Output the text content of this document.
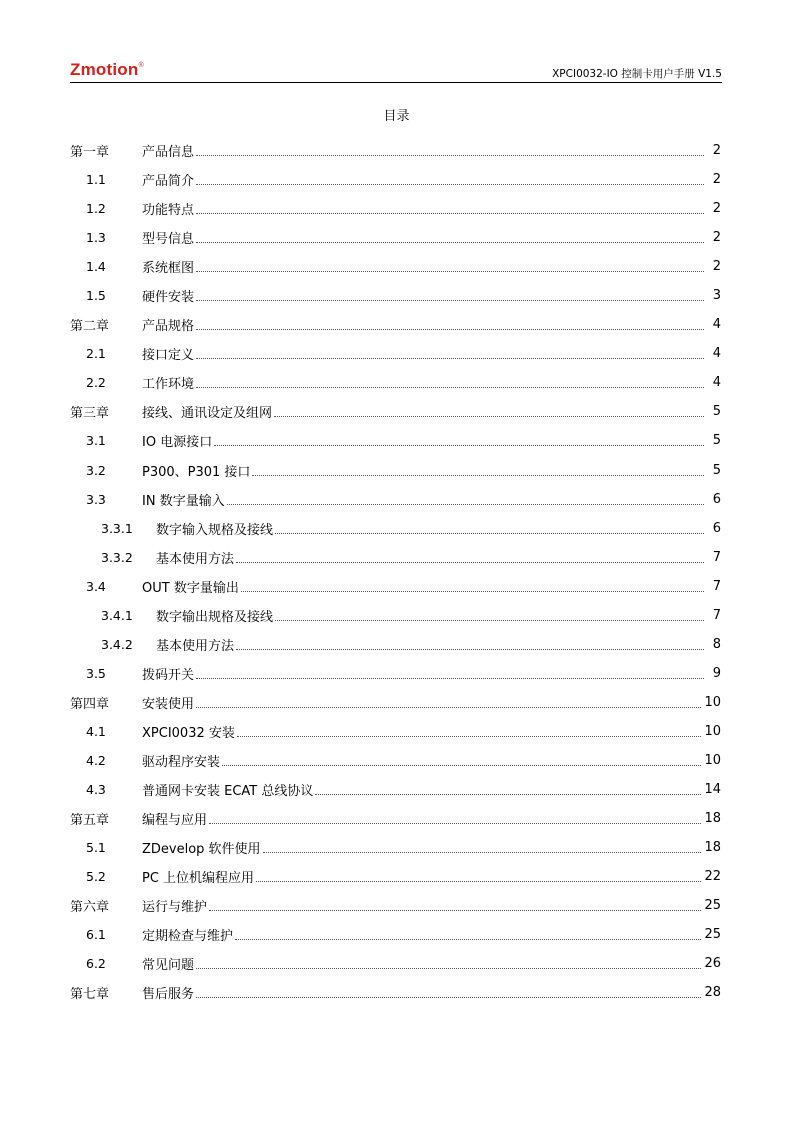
Zmotion®
XPCI0032-IO 控制卡用户手册 V1.5
目录
第一章	产品信息	2
1.1	产品简介	2
1.2	功能特点	2
1.3	型号信息	2
1.4	系统框图	2
1.5	硬件安装	3
第二章	产品规格	4
2.1	接口定义	4
2.2	工作环境	4
第三章	接线、通讯设定及组网	5
3.1	IO 电源接口	5
3.2	P300、P301 接口	5
3.3	IN 数字量输入	6
3.3.1	数字输入规格及接线	6
3.3.2	基本使用方法	7
3.4	OUT 数字量输出	7
3.4.1	数字输出规格及接线	7
3.4.2	基本使用方法	8
3.5	拨码开关	9
第四章	安装使用	10
4.1	XPCI0032 安装	10
4.2	驱动程序安装	10
4.3	普通网卡安装 ECAT 总线协议	14
第五章	编程与应用	18
5.1	ZDevelop 软件使用	18
5.2	PC 上位机编程应用	22
第六章	运行与维护	25
6.1	定期检查与维护	25
6.2	常见问题	26
第七章	售后服务	28
